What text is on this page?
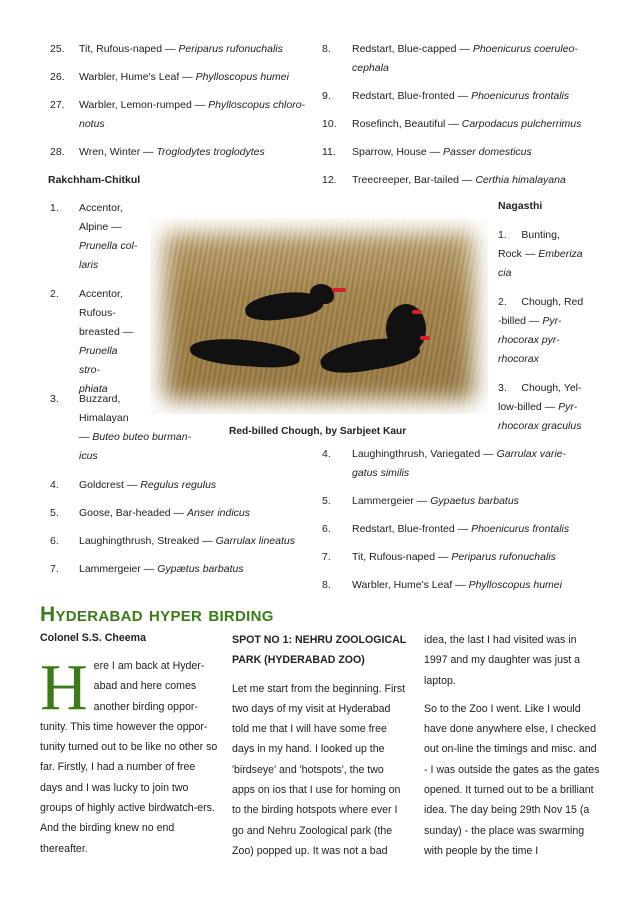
25.	Tit, Rufous-naped — Periparus rufonuchalis
26.	Warbler, Hume's Leaf — Phylloscopus humei
27.	Warbler, Lemon-rumped — Phylloscopus chloro-
notus
28.	Wren, Winter — Troglodytes troglodytes
8.	Redstart, Blue-capped — Phoenicurus coeruleo-
cephala
9.	Redstart, Blue-fronted — Phoenicurus frontalis
10.	Rosefinch, Beautiful — Carpodacus pulcherrimus
11.	Sparrow, House — Passer domesticus
12.	Treecreeper, Bar-tailed — Certhia himalayana
Rakchham-Chitkul
1.	Accentor,
Alpine —
Prunella col-
laris
2.	Accentor,
Rufous-
breasted —
Prunella stro-
phiata
3.	Buzzard,
Himalayan
— Buteo buteo burman-
icus
4.	Goldcrest — Regulus regulus
5.	Goose, Bar-headed — Anser indicus
6.	Laughingthrush, Streaked — Garrulax lineatus
7.	Lammergeier — Gypætus barbatus
Red-billed Chough, by Sarbjeet Kaur
Nagasthi
1. Bunting,
Rock — Emberiza
cia
2. Chough, Red
-billed — Pyr-
rhocorax pyr-
rhocorax
3. Chough, Yel-
low-billed — Pyr-
rhocorax graculus
4.	Laughingthrush, Variegated — Garrulax varie-
gatus similis
5.	Lammergeier — Gypaetus barbatus
6.	Redstart, Blue-fronted — Phoenicurus frontalis
7.	Tit, Rufous-naped — Periparus rufonuchalis
8.	Warbler, Hume's Leaf — Phylloscopus humei
Hyderabad hyper birding
Colonel S.S. Cheema
Here I am back at Hyder-abad and here comes another birding oppor-tunity. This time however the oppor-tunity turned out to be like no other so far. Firstly, I had a number of free days and I was lucky to join two groups of highly active birdwatch-ers. And the birding knew no end thereafter.
SPOT NO 1: NEHRU ZOOLOGICAL PARK (HYDERABAD ZOO)
Let me start from the beginning. First two days of my visit at Hyderabad told me that I will have some free days in my hand. I looked up the 'birdseye' and 'hotspots', the two apps on ios that I use for homing on to the birding hotspots where ever I go and Nehru Zoological park (the Zoo) popped up. It was not a bad
idea, the last I had visited was in 1997 and my daughter was just a laptop.
So to the Zoo I went. Like I would have done anywhere else, I checked out on-line the timings and misc. and - I was outside the gates as the gates opened. It turned out to be a brilliant idea. The day being 29th Nov 15 (a sunday) - the place was swarming with people by the time I
